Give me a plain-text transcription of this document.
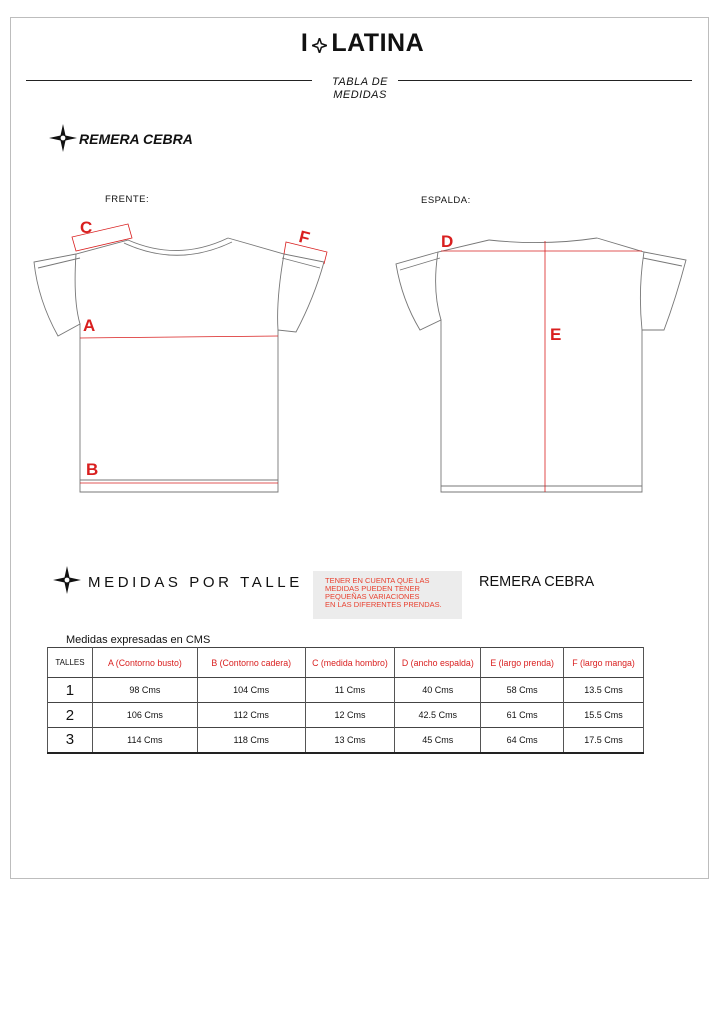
I LATINA
TABLA DE
MEDIDAS
REMERA CEBRA
FRENTE:	ESPALDA:
C	F
A
B
D
E
MEDIDAS POR TALLE	TENER EN CUENTA QUE LAS
MEDIDAS PUEDEN TENER
PEQUEÑAS VARIACIONES
EN LAS DIFERENTES PRENDAS.
REMERA CEBRA
Medidas expresadas en CMS
TALLES	A (Contorno busto)	B (Contorno cadera)	C (medida hombro)	D (ancho espalda)	E (largo prenda)	F (largo manga)
1	98 Cms	104 Cms	11 Cms	40 Cms	58 Cms	13.5 Cms
2	106 Cms	112 Cms	12 Cms	42.5 Cms	61 Cms	15.5 Cms
3	114 Cms	118 Cms	13 Cms	45 Cms	64 Cms	17.5 Cms
